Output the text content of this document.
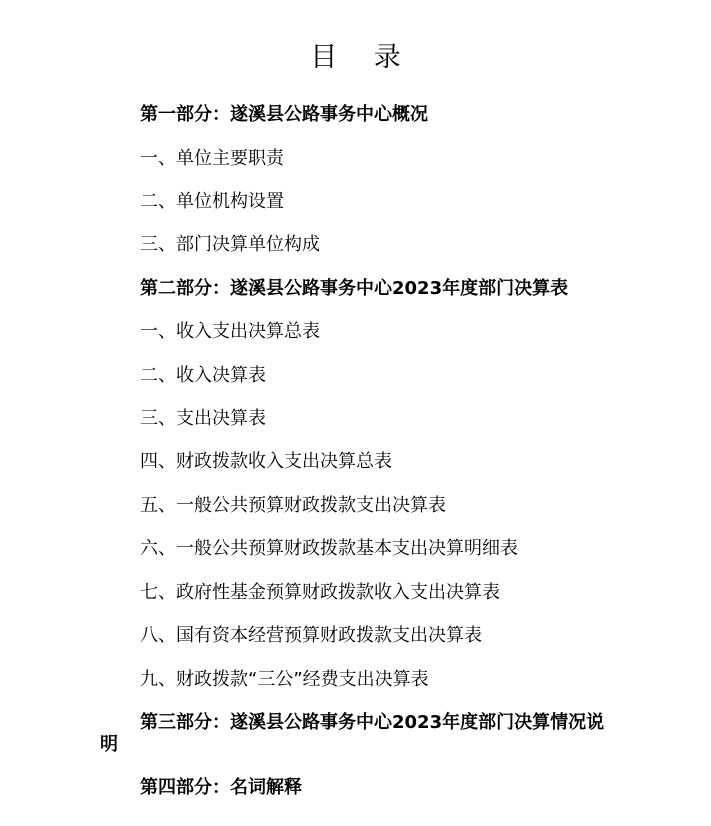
目 录
第一部分：遂溪县公路事务中心概况
一、单位主要职责
二、单位机构设置
三、部门决算单位构成
第二部分：遂溪县公路事务中心2023年度部门决算表
一、收入支出决算总表
二、收入决算表
三、支出决算表
四、财政拨款收入支出决算总表
五、一般公共预算财政拨款支出决算表
六、一般公共预算财政拨款基本支出决算明细表
七、政府性基金预算财政拨款收入支出决算表
八、国有资本经营预算财政拨款支出决算表
九、财政拨款“三公”经费支出决算表
第三部分：遂溪县公路事务中心2023年度部门决算情况说明
第四部分：名词解释
